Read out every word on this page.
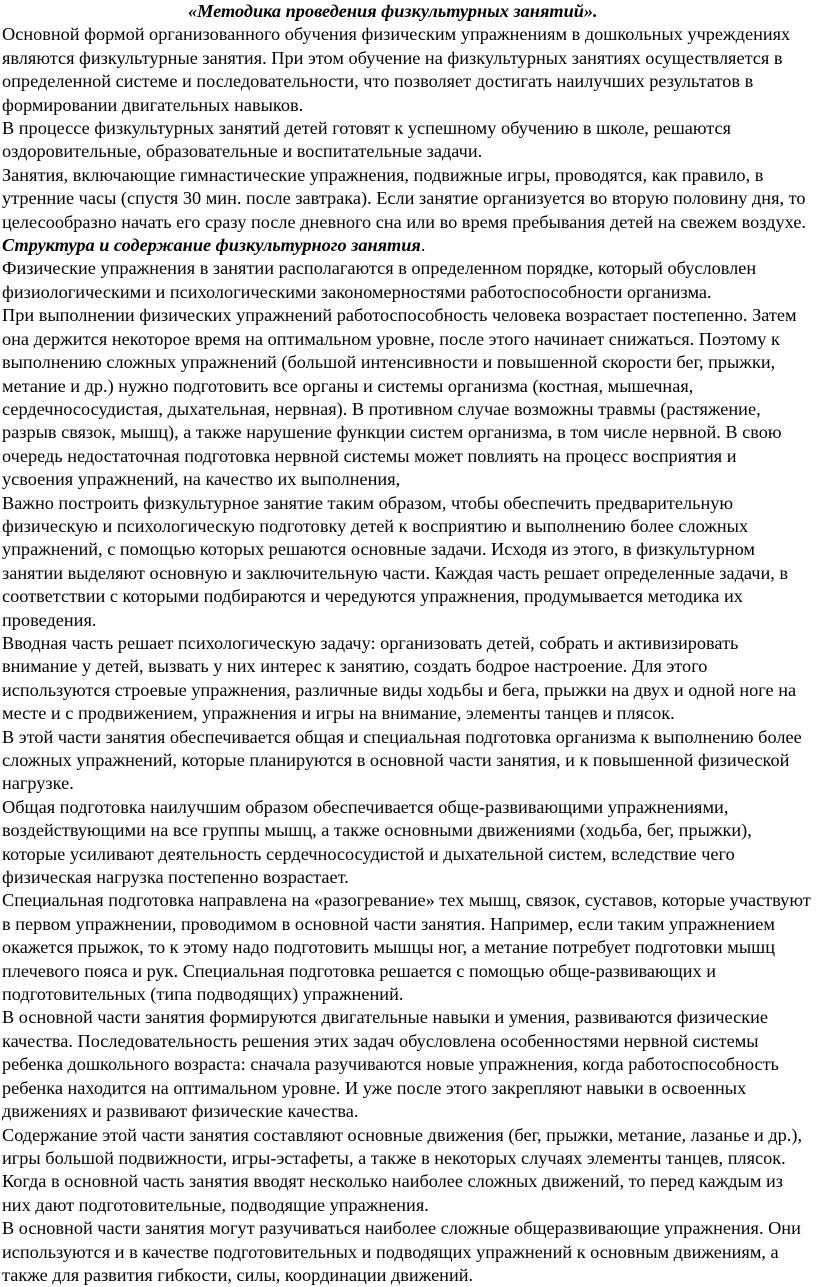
«Методика проведения физкультурных занятий».

Основной формой организованного обучения физическим упражнениям в дошкольных учреждениях являются физкультурные занятия. При этом обучение на физкультурных занятиях осуществляется в определенной системе и последовательности, что позволяет достигать наилучших результатов в формировании двигательных навыков.

В процессе физкультурных занятий детей готовят к успешному обучению в школе, решаются оздоровительные, образовательные и воспитательные задачи.

Занятия, включающие гимнастические упражнения, подвижные игры, проводятся, как правило, в утренние часы (спустя 30 мин. после завтрака). Если занятие организуется во вторую половину дня, то целесообразно начать его сразу после дневного сна или во время пребывания детей на свежем воздухе.

Структура и содержание физкультурного занятия.

Физические упражнения в занятии располагаются в определенном порядке, который обусловлен физиологическими и психологическими закономерностями работоспособности организма.

При выполнении физических упражнений работоспособность человека возрастает постепенно. Затем она держится некоторое время на оптимальном уровне, после этого начинает снижаться. Поэтому к выполнению сложных упражнений (большой интенсивности и повышенной скорости бег, прыжки, метание и др.) нужно подготовить все органы и системы организма (костная, мышечная, сердечнососудистая, дыхательная, нервная). В противном случае возможны травмы (растяжение, разрыв связок, мышц), а также нарушение функции систем организма, в том числе нервной. В свою очередь недостаточная подготовка нервной системы может повлиять на процесс восприятия и усвоения упражнений, на качество их выполнения,

Важно построить физкультурное занятие таким образом, чтобы обеспечить предварительную физическую и психологическую подготовку детей к восприятию и выполнению более сложных упражнений, с помощью которых решаются основные задачи. Исходя из этого, в физкультурном занятии выделяют основную и заключительную части. Каждая часть решает определенные задачи, в соответствии с которыми подбираются и чередуются упражнения, продумывается методика их проведения.

Вводная часть решает психологическую задачу: организовать детей, собрать и активизировать внимание у детей, вызвать у них интерес к занятию, создать бодрое настроение. Для этого используются строевые упражнения, различные виды ходьбы и бега, прыжки на двух и одной ноге на месте и с продвижением, упражнения и игры на внимание, элементы танцев и плясок.

В этой части занятия обеспечивается общая и специальная подготовка организма к выполнению более сложных упражнений, которые планируются в основной части занятия, и к повышенной физической нагрузке.

Общая подготовка наилучшим образом обеспечивается обще-развивающими упражнениями, воздействующими на все группы мышц, а также основными движениями (ходьба, бег, прыжки), которые усиливают деятельность сердечнососудистой и дыхательной систем, вследствие чего физическая нагрузка постепенно возрастает.

Специальная подготовка направлена на «разогревание» тех мышц, связок, суставов, которые участвуют в первом упражнении, проводимом в основной части занятия. Например, если таким упражнением окажется прыжок, то к этому надо подготовить мышцы ног, а метание потребует подготовки мышц плечевого пояса и рук. Специальная подготовка решается с помощью обще-развивающих и подготовительных (типа подводящих) упражнений.

В основной части занятия формируются двигательные навыки и умения, развиваются физические качества. Последовательность решения этих задач обусловлена особенностями нервной системы ребенка дошкольного возраста: сначала разучиваются новые упражнения, когда работоспособность ребенка находится на оптимальном уровне. И уже после этого закрепляют навыки в освоенных движениях и развивают физические качества.

Содержание этой части занятия составляют основные движения (бег, прыжки, метание, лазанье и др.), игры большой подвижности, игры-эстафеты, а также в некоторых случаях элементы танцев, плясок. Когда в основной часть занятия вводят несколько наиболее сложных движений, то перед каждым из них дают подготовительные, подводящие упражнения.

В основной части занятия могут разучиваться наиболее сложные общеразвивающие упражнения. Они используются и в качестве подготовительных и подводящих упражнений к основным движениям, а также для развития гибкости, силы, координации движений.
